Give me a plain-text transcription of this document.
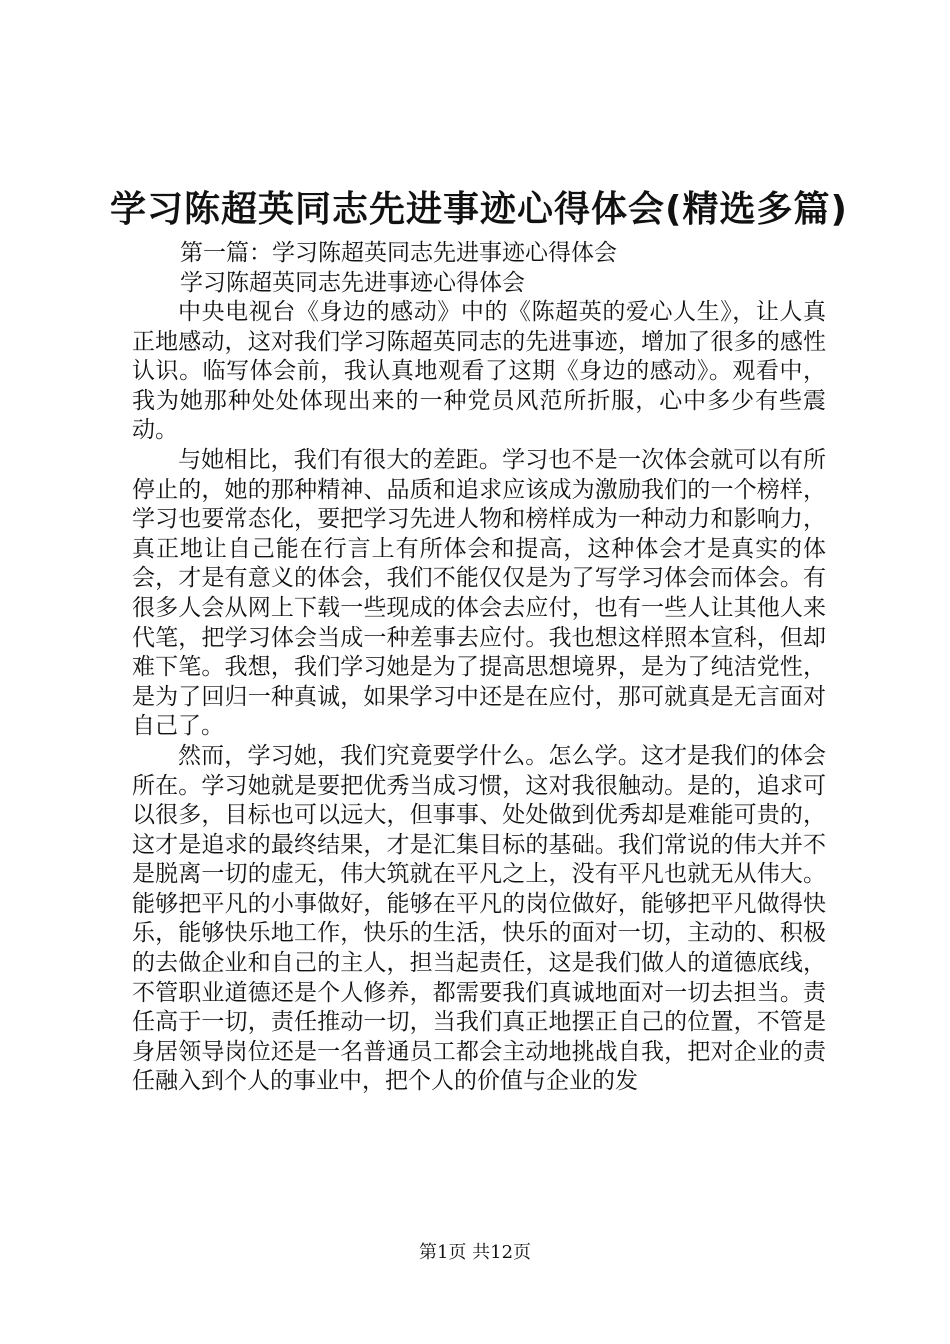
学习陈超英同志先进事迹心得体会(精选多篇)
第一篇：学习陈超英同志先进事迹心得体会
学习陈超英同志先进事迹心得体会

中央电视台《身边的感动》中的《陈超英的爱心人生》，让人真正地感动，这对我们学习陈超英同志的先进事迹，增加了很多的感性认识。临写体会前，我认真地观看了这期《身边的感动》。观看中，我为她那种处处体现出来的一种党员风范所折服，心中多少有些震动。

与她相比，我们有很大的差距。学习也不是一次体会就可以有所停止的，她的那种精神、品质和追求应该成为激励我们的一个榜样，学习也要常态化，要把学习先进人物和榜样成为一种动力和影响力，真正地让自己能在行言上有所体会和提高，这种体会才是真实的体会，才是有意义的体会，我们不能仅仅是为了写学习体会而体会。有很多人会从网上下载一些现成的体会去应付，也有一些人让其他人来代笔，把学习体会当成一种差事去应付。我也想这样照本宣科，但却难下笔。我想，我们学习她是为了提高思想境界，是为了纯洁党性，是为了回归一种真诚，如果学习中还是在应付，那可就真是无言面对自己了。

然而，学习她，我们究竟要学什么。怎么学。这才是我们的体会所在。学习她就是要把优秀当成习惯，这对我很触动。是的，追求可以很多，目标也可以远大，但事事、处处做到优秀却是难能可贵的，这才是追求的最终结果，才是汇集目标的基础。我们常说的伟大并不是脱离一切的虚无，伟大筑就在平凡之上，没有平凡也就无从伟大。能够把平凡的小事做好，能够在平凡的岗位做好，能够把平凡做得快乐，能够快乐地工作，快乐的生活，快乐的面对一切，主动的、积极的去做企业和自己的主人，担当起责任，这是我们做人的道德底线，不管职业道德还是个人修养，都需要我们真诚地面对一切去担当。责任高于一切，责任推动一切，当我们真正地摆正自己的位置，不管是身居领导岗位还是一名普通员工都会主动地挑战自我，把对企业的责任融入到个人的事业中，把个人的价值与企业的发

第1页 共12页
